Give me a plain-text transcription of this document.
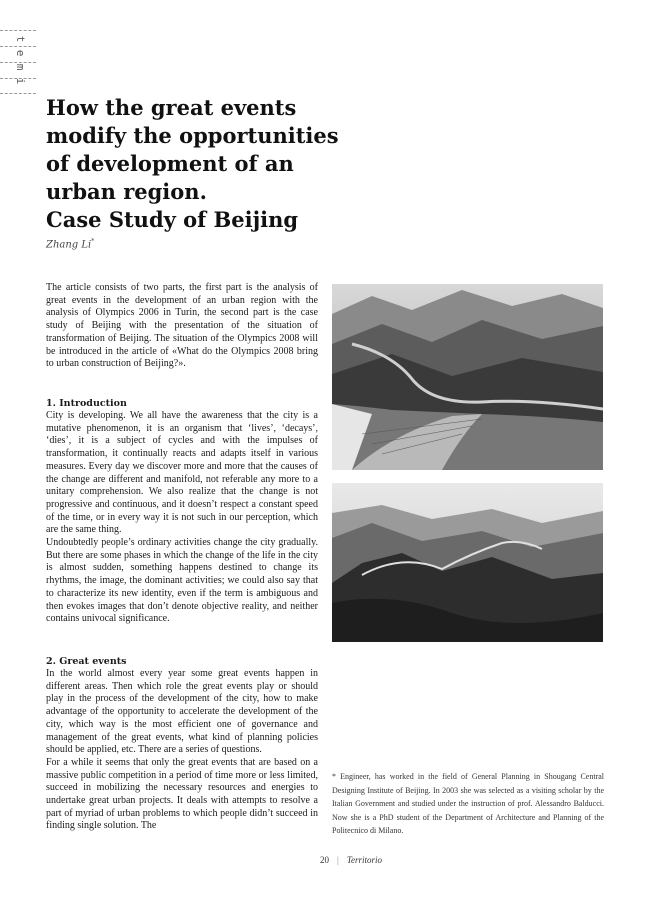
t
e
m
i
How the great events
modify the opportunities
of development of an
urban region.
Case Study of Beijing
Zhang Li*

The article consists of two parts, the first part is the analysis of great events in the development of an urban region with the analysis of Olympics 2006 in Turin, the second part is the case study of Beijing with the presentation of the situation of transformation of Beijing. The situation of the Olympics 2008 will be introduced in the article of «What do the Olympics 2008 bring to urban construction of Beijing?».

1. Introduction

City is developing. We all have the awareness that the city is a mutative phenomenon, it is an organism that ‘lives’, ‘decays’, ‘dies’, it is a subject of cycles and with the impulses of transformation, it continually reacts and adapts itself in various measures. Every day we discover more and more that the causes of the change are different and manifold, not referable any more to a unitary comprehension. We also realize that the change is not progressive and continuous, and it doesn’t respect a constant speed of the time, or in every way it is not such in our perception, which are the same thing.

Undoubtedly people’s ordinary activities change the city gradually. But there are some phases in which the change of the life in the city is almost sudden, something happens destined to change its rhythms, the image, the dominant activities; we could also say that to characterize its new identity, even if the term is ambiguous and then evokes images that don’t denote objective reality, and neither contains univocal significance.

2. Great events

In the world almost every year some great events happen in different areas. Then which role the great events play or should play in the process of the development of the city, how to make advantage of the opportunity to accelerate the development of the city, which way is the most efficient one of governance and management of the great events, what kind of planning policies should be applied, etc. There are a series of questions.

For a while it seems that only the great events that are based on a massive public competition in a period of time more or less limited, succeed in mobilizing the necessary resources and energies to undertake great urban projects. It deals with attempts to resolve a part of myriad of urban problems to which people didn’t succeed in finding single solution. The

* Engineer, has worked in the field of General Planning in Shougang Central Designing Institute of Beijing. In 2003 she was selected as a visiting scholar by the Italian Government and studied under the instruction of prof. Alessandro Balducci. Now she is a PhD student of the Department of Architecture and Planning of the Politecnico di Milano.
20 | Territorio
